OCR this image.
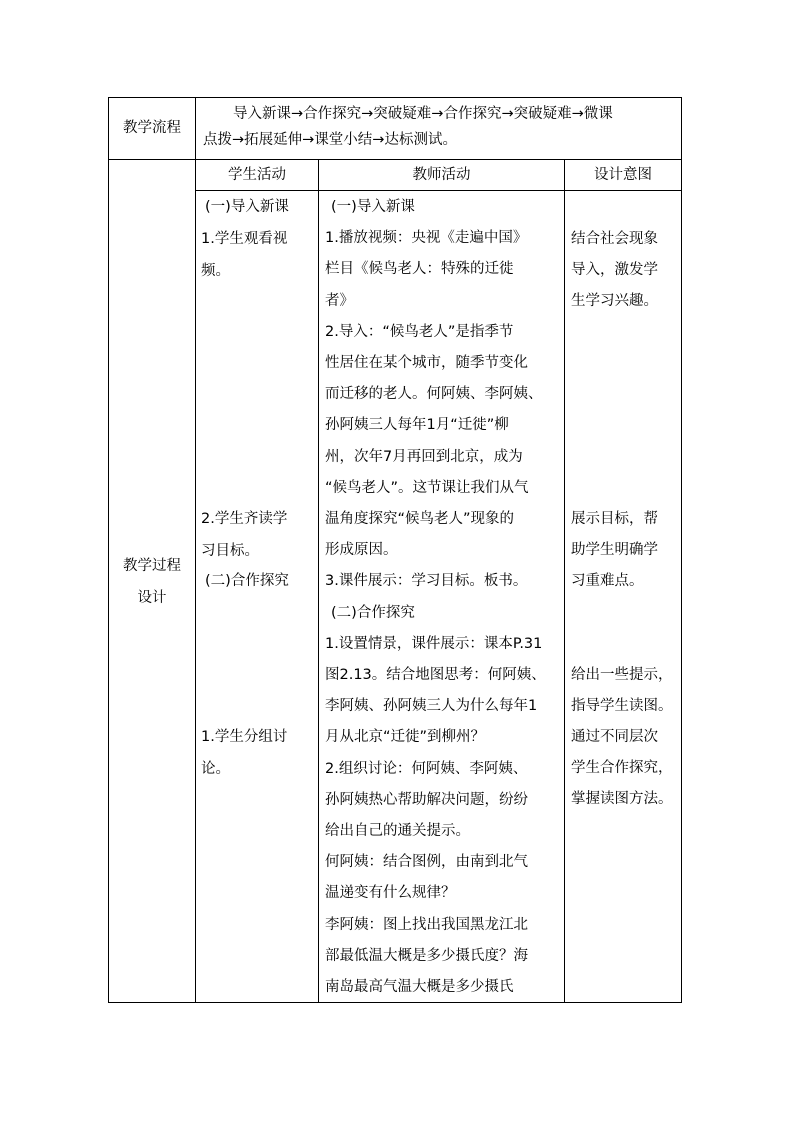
教学流程

导入新课→合作探究→突破疑难→合作探究→突破疑难→微课

点拨→拓展延伸→课堂小结→达标测试。

教学过程

设计

学生活动	教师活动	设计意图

(一)导入新课

1.学生观看视

频。

2.学生齐读学

习目标。

(二)合作探究

1.学生分组讨

论。

(一)导入新课

1.播放视频：央视《走遍中国》

栏目《候鸟老人：特殊的迁徙

者》

2.导入：“候鸟老人”是指季节

性居住在某个城市，随季节变化

而迁移的老人。何阿姨、李阿姨、

孙阿姨三人每年1月“迁徙”柳

州，次年7月再回到北京，成为

“候鸟老人”。这节课让我们从气

温角度探究“候鸟老人”现象的

形成原因。

3.课件展示：学习目标。板书。

(二)合作探究

1.设置情景，课件展示：课本P.31

图2.13。结合地图思考：何阿姨、

李阿姨、孙阿姨三人为什么每年1

月从北京“迁徙”到柳州？

2.组织讨论：何阿姨、李阿姨、

孙阿姨热心帮助解决问题，纷纷

给出自己的通关提示。

何阿姨：结合图例，由南到北气

温递变有什么规律？

李阿姨：图上找出我国黑龙江北

部最低温大概是多少摄氏度？海

南岛最高气温大概是多少摄氏

结合社会现象

导入，激发学

生学习兴趣。

展示目标，帮

助学生明确学

习重难点。

给出一些提示，

指导学生读图。

通过不同层次

学生合作探究，

掌握读图方法。
